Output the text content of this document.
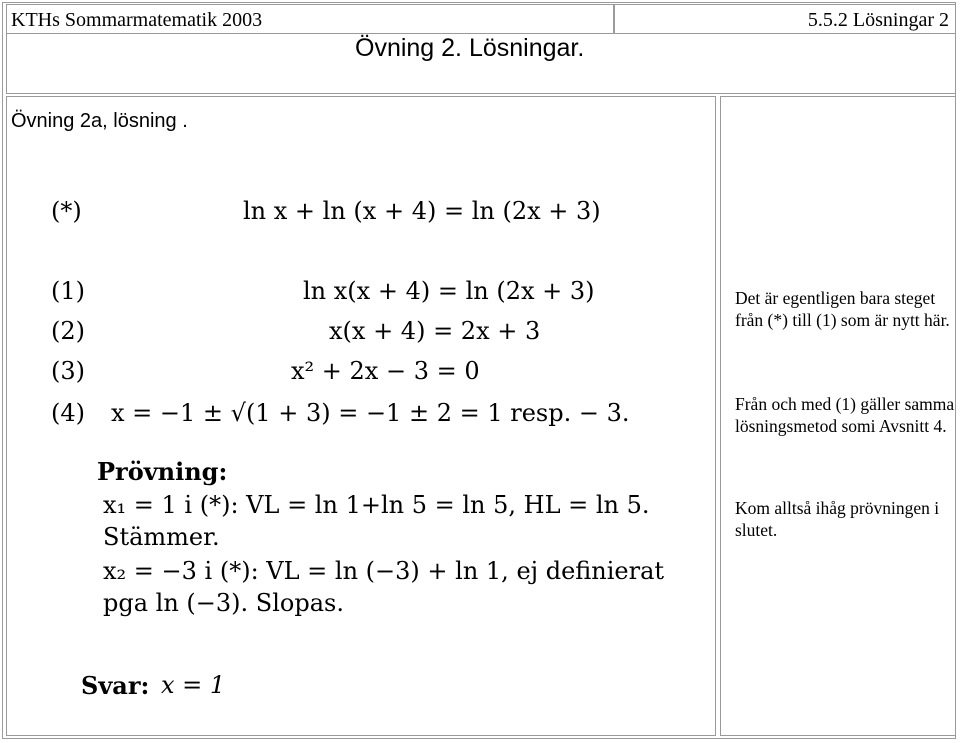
KTHs Sommarmatematik 2003	5.5.2 Lösningar 2
Övning 2. Lösningar.
Övning 2a, lösning .
(*)	ln x + ln (x + 4) = ln (2x + 3)
(1)	ln x(x + 4) = ln (2x + 3)
(2)	x(x + 4) = 2x + 3
(3)	x² + 2x − 3 = 0
(4) x = −1 ± √(1 + 3) = −1 ± 2 = 1 resp. − 3.
Prövning:
x₁ = 1 i (*): VL = ln 1+ln 5 = ln 5, HL = ln 5.
Stämmer.
x₂ = −3 i (*): VL = ln (−3) + ln 1, ej definierat
pga ln (−3). Slopas.
Svar: x = 1
Det är egentligen bara steget från (*) till (1) som är nytt här.
Från och med (1) gäller samma lösningsmetod somi Avsnitt 4.
Kom alltså ihåg prövningen i slutet.
